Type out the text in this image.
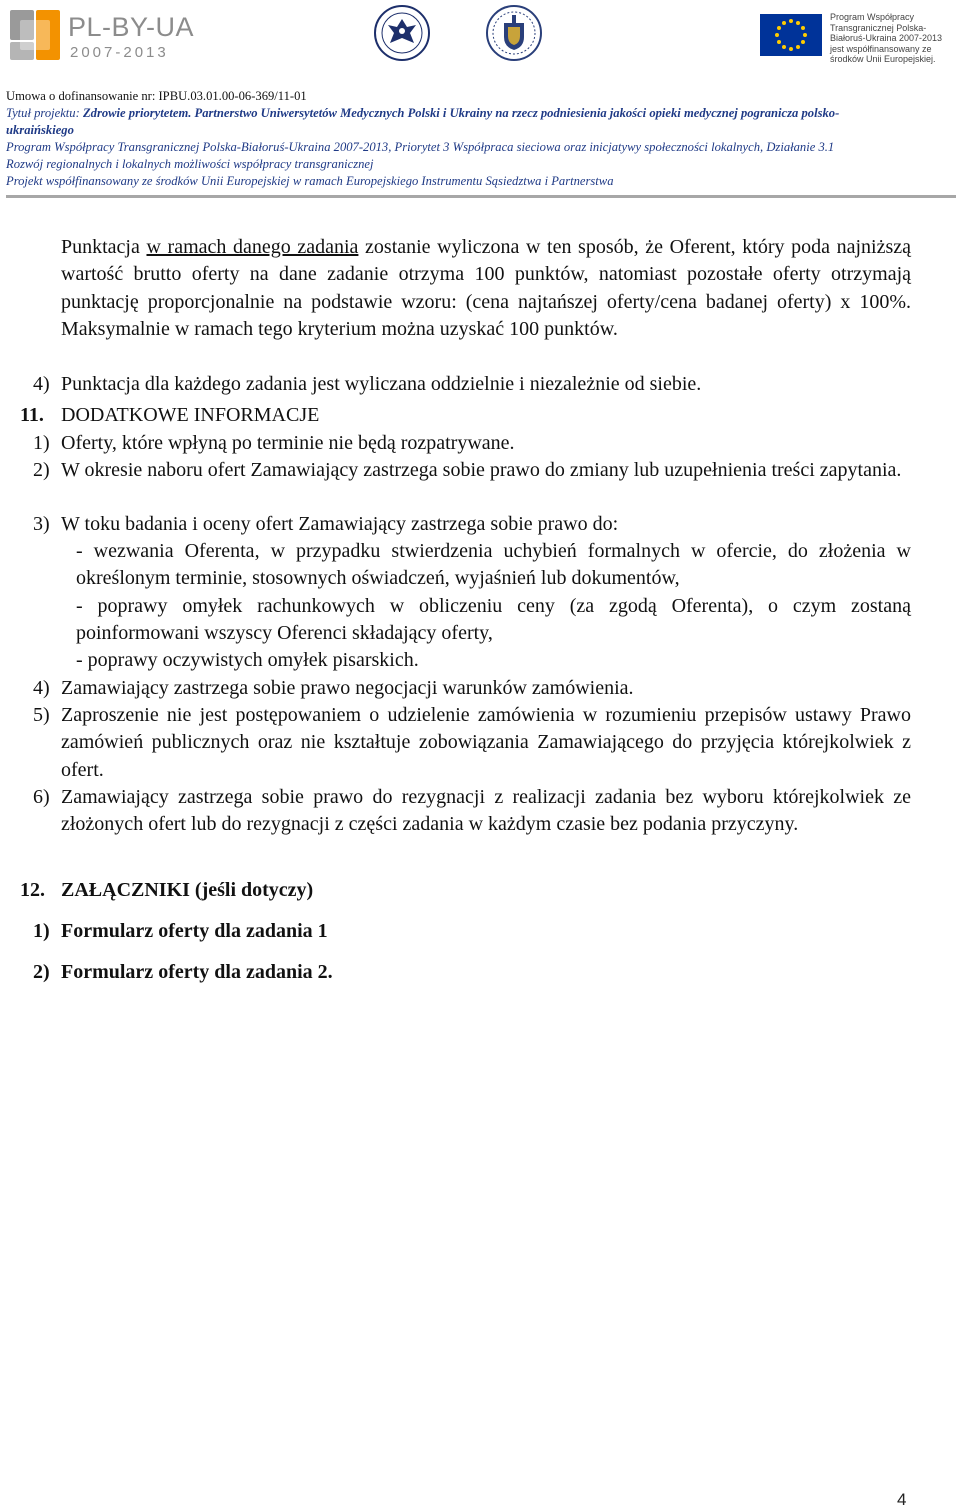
PL-BY-UA
2007-2013
Program Współpracy Transgranicznej Polska-Białoruś-Ukraina 2007-2013 jest współfinansowany ze środków Unii Europejskiej.
Umowa o dofinansowanie nr: IPBU.03.01.00-06-369/11-01
Tytuł projektu: Zdrowie priorytetem. Partnerstwo Uniwersytetów Medycznych Polski i Ukrainy na rzecz podniesienia jakości opieki medycznej pogranicza polsko-
ukraińskiego
Program Współpracy Transgranicznej Polska-Białoruś-Ukraina 2007-2013, Priorytet 3 Współpraca sieciowa oraz inicjatywy społeczności lokalnych, Działanie 3.1
Rozwój regionalnych i lokalnych możliwości współpracy transgranicznej
Projekt współfinansowany ze środków Unii Europejskiej w ramach Europejskiego Instrumentu Sąsiedztwa i Partnerstwa
Punktacja w ramach danego zadania zostanie wyliczona w ten sposób, że Oferent, który poda najniższą wartość brutto oferty na dane zadanie otrzyma 100 punktów, natomiast pozostałe oferty otrzymają punktację proporcjonalnie na podstawie wzoru: (cena najtańszej oferty/cena badanej oferty) x 100%. Maksymalnie w ramach tego kryterium można uzyskać 100 punktów.
4) Punktacja dla każdego zadania jest wyliczana oddzielnie i niezależnie od siebie.
11. DODATKOWE INFORMACJE
1) Oferty, które wpłyną po terminie nie będą rozpatrywane.
2) W okresie naboru ofert Zamawiający zastrzega sobie prawo do zmiany lub uzupełnienia treści zapytania.
3) W toku badania i oceny ofert Zamawiający zastrzega sobie prawo do:
- wezwania Oferenta, w przypadku stwierdzenia uchybień formalnych w ofercie, do złożenia w określonym terminie, stosownych oświadczeń, wyjaśnień lub dokumentów,
- poprawy omyłek rachunkowych w obliczeniu ceny (za zgodą Oferenta), o czym zostaną poinformowani wszyscy Oferenci składający oferty,
- poprawy oczywistych omyłek pisarskich.
4) Zamawiający zastrzega sobie prawo negocjacji warunków zamówienia.
5) Zaproszenie nie jest postępowaniem o udzielenie zamówienia w rozumieniu przepisów ustawy Prawo zamówień publicznych oraz nie kształtuje zobowiązania Zamawiającego do przyjęcia którejkolwiek z ofert.
6) Zamawiający zastrzega sobie prawo do rezygnacji z realizacji zadania bez wyboru którejkolwiek ze złożonych ofert lub do rezygnacji z części zadania w każdym czasie bez podania przyczyny.
12. ZAŁĄCZNIKI (jeśli dotyczy)
1) Formularz oferty dla zadania 1
2) Formularz oferty dla zadania 2.
4
